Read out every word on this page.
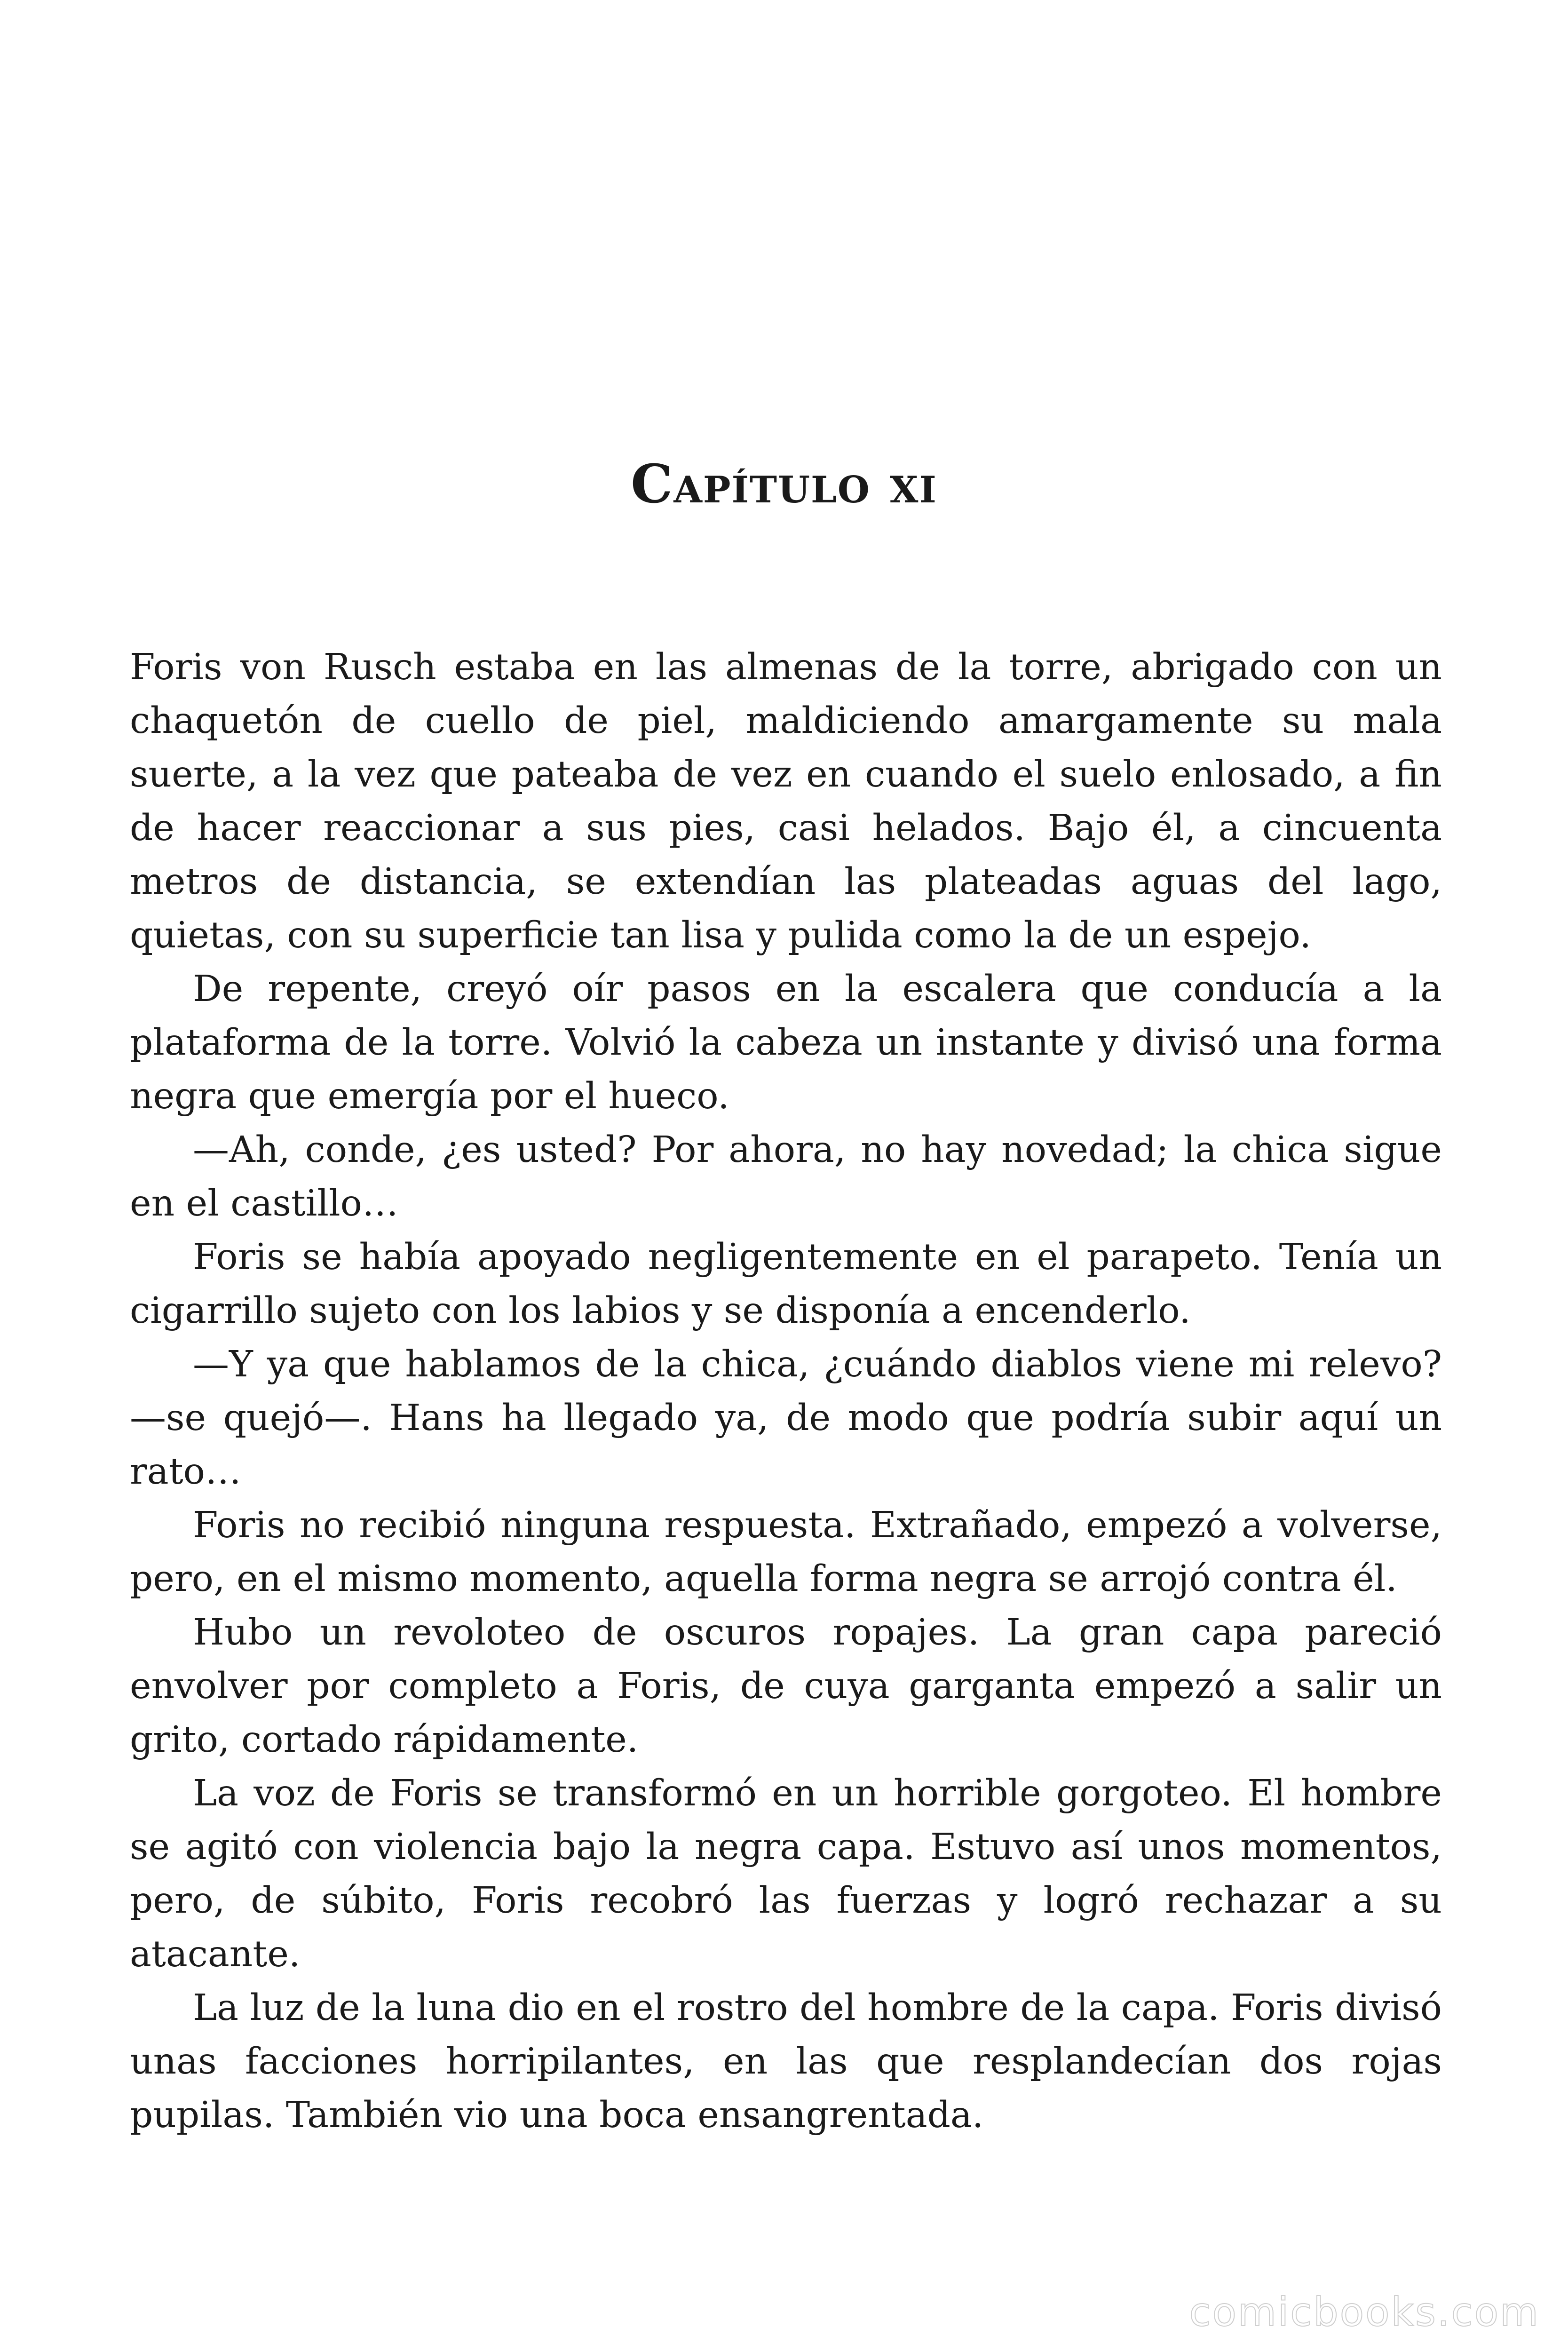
Capítulo xi

Foris von Rusch estaba en las almenas de la torre, abrigado con un chaquetón de cuello de piel, maldiciendo amargamente su mala suerte, a la vez que pateaba de vez en cuando el suelo enlosado, a fin de hacer reaccionar a sus pies, casi helados. Bajo él, a cincuenta metros de distancia, se extendían las plateadas aguas del lago, quietas, con su superficie tan lisa y pulida como la de un espejo.

De repente, creyó oír pasos en la escalera que conducía a la plataforma de la torre. Volvió la cabeza un instante y divisó una forma negra que emergía por el hueco.

—Ah, conde, ¿es usted? Por ahora, no hay novedad; la chica sigue en el castillo…

Foris se había apoyado negligentemente en el parapeto. Tenía un cigarrillo sujeto con los labios y se disponía a encenderlo.

—Y ya que hablamos de la chica, ¿cuándo diablos viene mi relevo? —se quejó—. Hans ha llegado ya, de modo que podría subir aquí un rato…

Foris no recibió ninguna respuesta. Extrañado, empezó a volverse, pero, en el mismo momento, aquella forma negra se arrojó contra él.

Hubo un revoloteo de oscuros ropajes. La gran capa pareció envolver por completo a Foris, de cuya garganta empezó a salir un grito, cortado rápidamente.

La voz de Foris se transformó en un horrible gorgoteo. El hombre se agitó con violencia bajo la negra capa. Estuvo así unos momentos, pero, de súbito, Foris recobró las fuerzas y logró rechazar a su atacante.

La luz de la luna dio en el rostro del hombre de la capa. Foris divisó unas facciones horripilantes, en las que resplandecían dos rojas pupilas. También vio una boca ensangrentada.

comicbooks.com
